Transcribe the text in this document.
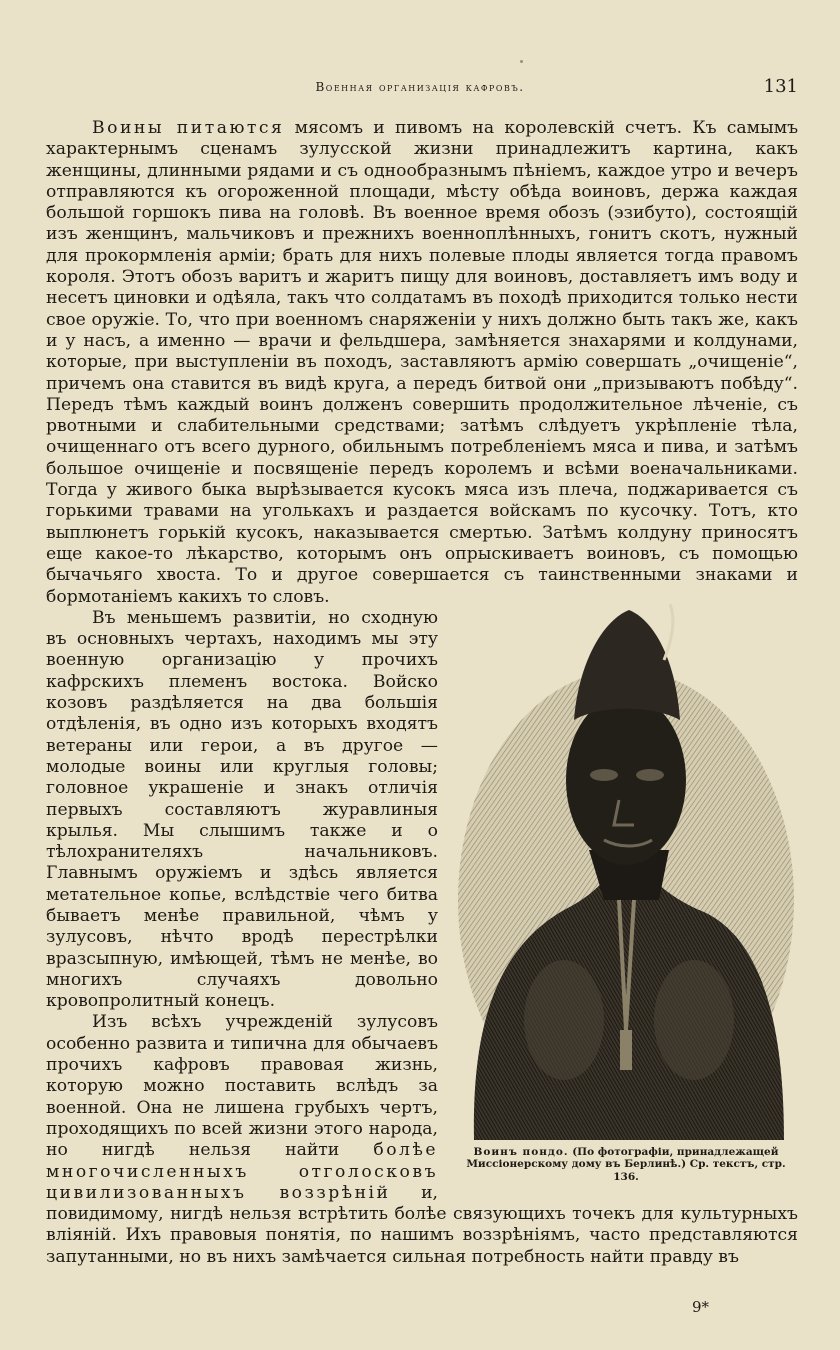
Военная организація кафровъ.	131

Воины питаются мясомъ и пивомъ на королевскій счетъ. Къ самымъ характернымъ сценамъ зулусской жизни принадлежитъ картина, какъ женщины, длинными рядами и съ однообразнымъ пѣніемъ, каждое утро и вечеръ отправляются къ огороженной площади, мѣсту обѣда воиновъ, держа каждая большой горшокъ пива на головѣ. Въ военное время обозъ (эзибуто), состоящій изъ женщинъ, мальчиковъ и прежнихъ военноплѣнныхъ, гонитъ скотъ, нужный для прокормленія арміи; брать для нихъ полевые плоды является тогда правомъ короля. Этотъ обозъ варитъ и жаритъ пищу для воиновъ, доставляетъ имъ воду и несетъ циновки и одѣяла, такъ что солдатамъ въ походѣ приходится только нести свое оружіе. То, что при военномъ снаряженіи у нихъ должно быть такъ же, какъ и у насъ, а именно — врачи и фельдшера, замѣняется знахарями и колдунами, которые, при выступленіи въ походъ, заставляютъ армію совершать „очищеніе“, причемъ она ставится въ видѣ круга, а передъ битвой они „призываютъ побѣду“. Передъ тѣмъ каждый воинъ долженъ совершить продолжительное лѣченіе, съ рвотными и слабительными средствами; затѣмъ слѣдуетъ укрѣпленіе тѣла, очищеннаго отъ всего дурного, обильнымъ потребленіемъ мяса и пива, и затѣмъ большое очищеніе и посвященіе передъ королемъ и всѣми военачальниками. Тогда у живого быка вырѣзывается кусокъ мяса изъ плеча, поджаривается съ горькими травами на уголькахъ и раздается войскамъ по кусочку. Тотъ, кто выплюнетъ горькій кусокъ, наказывается смертью. Затѣмъ колдуну приносятъ еще какое-то лѣкарство, которымъ онъ опрыскиваетъ воиновъ, съ помощью бычачьяго хвоста. То и другое совершается съ таинственными знаками и бормотаніемъ какихъ то словъ.

Воинъ пондо. (По фотографіи, принадлежащей Миссіонерскому дому въ Берлинѣ.) Ср. текстъ, стр. 136.

Въ меньшемъ развитіи, но сходную въ основныхъ чертахъ, находимъ мы эту военную организацію у прочихъ кафрскихъ племенъ востока. Войско козовъ раздѣляется на два большія отдѣленія, въ одно изъ которыхъ входятъ ветераны или герои, а въ другое — молодые воины или круглыя головы; головное украшеніе и знакъ отличія первыхъ составляютъ журавлиныя крылья. Мы слышимъ также и о тѣлохранителяхъ начальниковъ. Главнымъ оружіемъ и здѣсь является метательное копье, вслѣдствіе чего битва бываетъ менѣе правильной, чѣмъ у зулусовъ, нѣчто вродѣ перестрѣлки вразсыпную, имѣющей, тѣмъ не менѣе, во многихъ случаяхъ довольно кровопролитный конецъ.

Изъ всѣхъ учрежденій зулусовъ особенно развита и типична для обычаевъ прочихъ кафровъ правовая жизнь, которую можно поставить вслѣдъ за военной. Она не лишена грубыхъ чертъ, проходящихъ по всей жизни этого народа, но нигдѣ нельзя найти болѣе многочисленныхъ отголосковъ цивилизованныхъ воззрѣній и, повидимому, нигдѣ нельзя встрѣтить болѣе связующихъ точекъ для культурныхъ вліяній. Ихъ правовыя понятія, по нашимъ воззрѣніямъ, часто представляются запутанными, но въ нихъ замѣчается сильная потребность найти правду въ

9*
